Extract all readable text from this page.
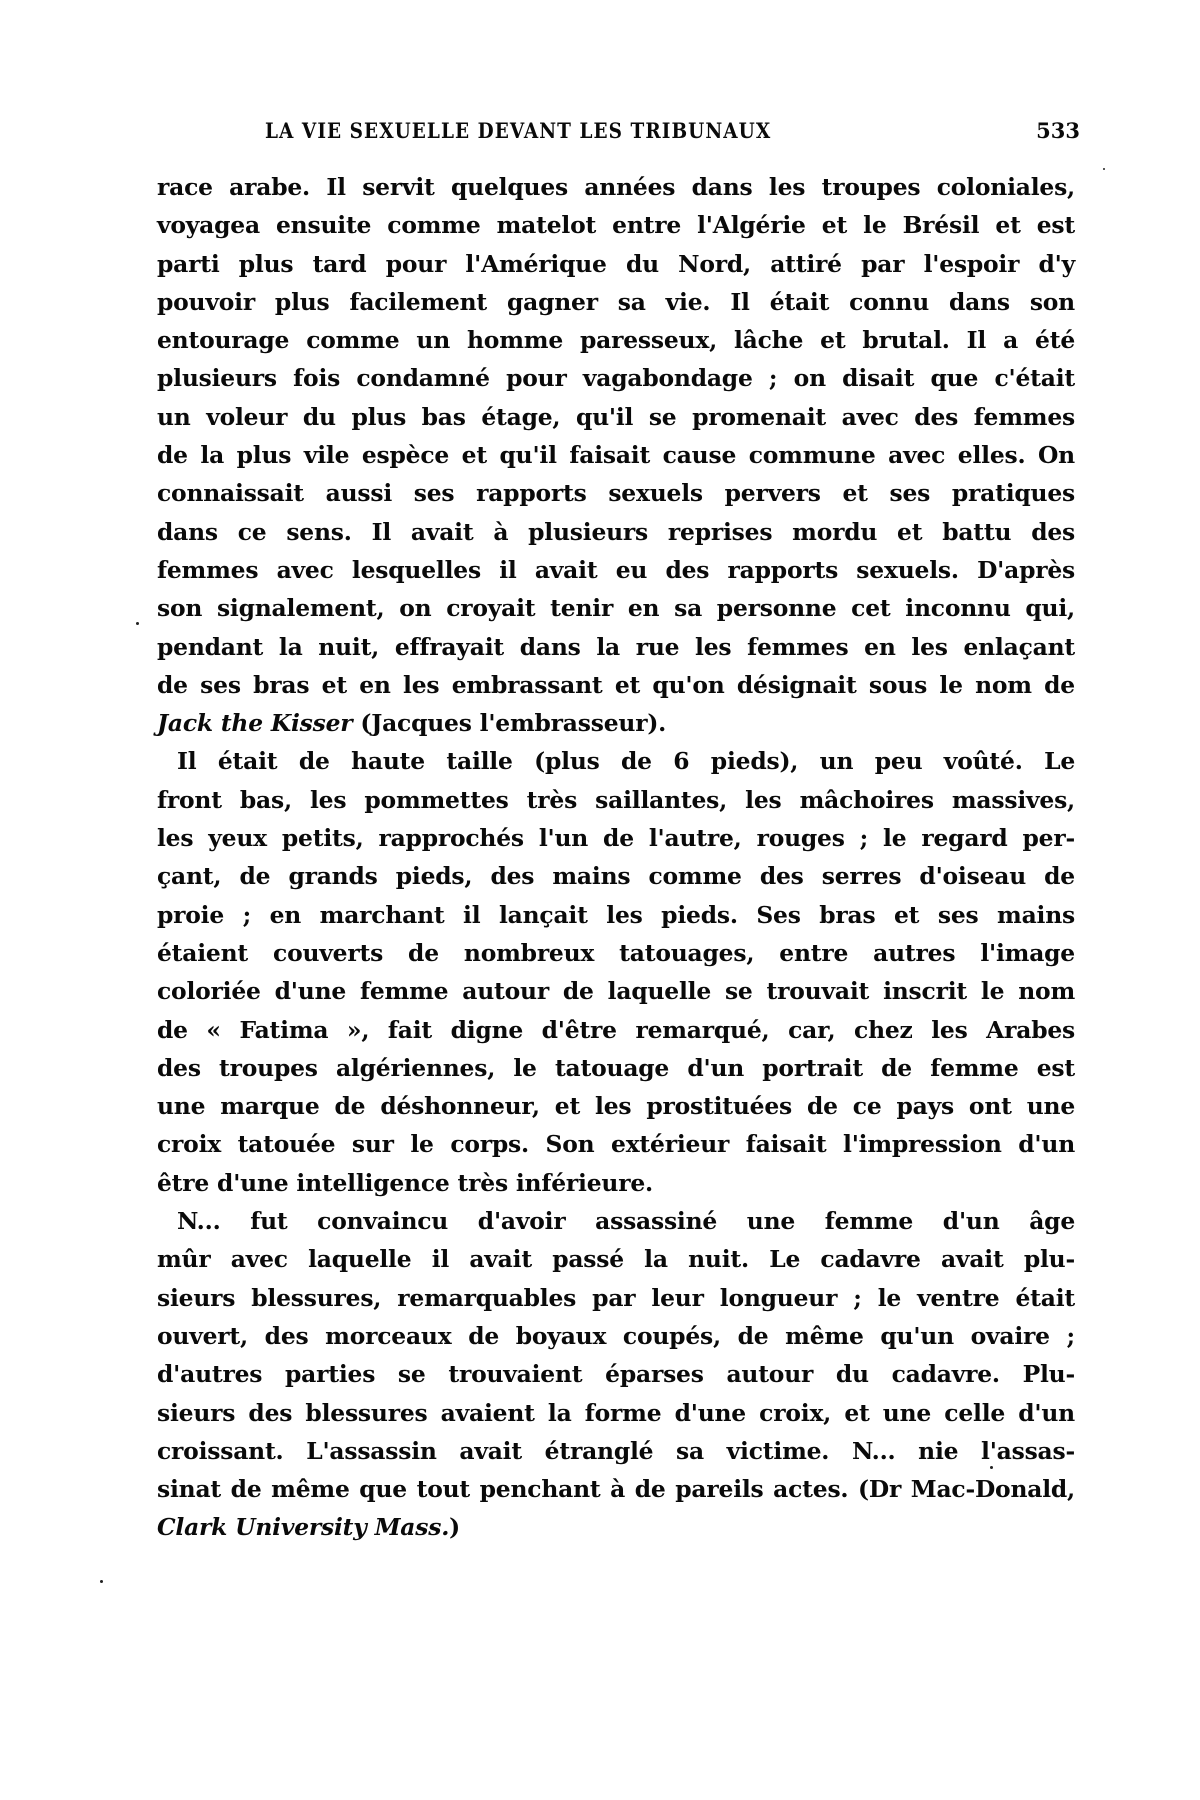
LA VIE SEXUELLE DEVANT LES TRIBUNAUX	533
race arabe. Il servit quelques années dans les troupes coloniales,
voyagea ensuite comme matelot entre l'Algérie et le Brésil et est
parti plus tard pour l'Amérique du Nord, attiré par l'espoir d'y
pouvoir plus facilement gagner sa vie. Il était connu dans son
entourage comme un homme paresseux, lâche et brutal. Il a été
plusieurs fois condamné pour vagabondage ; on disait que c'était
un voleur du plus bas étage, qu'il se promenait avec des femmes
de la plus vile espèce et qu'il faisait cause commune avec elles. On
connaissait aussi ses rapports sexuels pervers et ses pratiques
dans ce sens. Il avait à plusieurs reprises mordu et battu des
femmes avec lesquelles il avait eu des rapports sexuels. D'après
son signalement, on croyait tenir en sa personne cet inconnu qui,
pendant la nuit, effrayait dans la rue les femmes en les enlaçant
de ses bras et en les embrassant et qu'on désignait sous le nom de
Jack the Kisser (Jacques l'embrasseur).
Il était de haute taille (plus de 6 pieds), un peu voûté. Le
front bas, les pommettes très saillantes, les mâchoires massives,
les yeux petits, rapprochés l'un de l'autre, rouges ; le regard per-
çant, de grands pieds, des mains comme des serres d'oiseau de
proie ; en marchant il lançait les pieds. Ses bras et ses mains
étaient couverts de nombreux tatouages, entre autres l'image
coloriée d'une femme autour de laquelle se trouvait inscrit le nom
de « Fatima », fait digne d'être remarqué, car, chez les Arabes
des troupes algériennes, le tatouage d'un portrait de femme est
une marque de déshonneur, et les prostituées de ce pays ont une
croix tatouée sur le corps. Son extérieur faisait l'impression d'un
être d'une intelligence très inférieure.
N... fut convaincu d'avoir assassiné une femme d'un âge
mûr avec laquelle il avait passé la nuit. Le cadavre avait plu-
sieurs blessures, remarquables par leur longueur ; le ventre était
ouvert, des morceaux de boyaux coupés, de même qu'un ovaire ;
d'autres parties se trouvaient éparses autour du cadavre. Plu-
sieurs des blessures avaient la forme d'une croix, et une celle d'un
croissant. L'assassin avait étranglé sa victime. N... nie l'assas-
sinat de même que tout penchant à de pareils actes. (Dr Mac-Donald,
Clark University Mass.)
